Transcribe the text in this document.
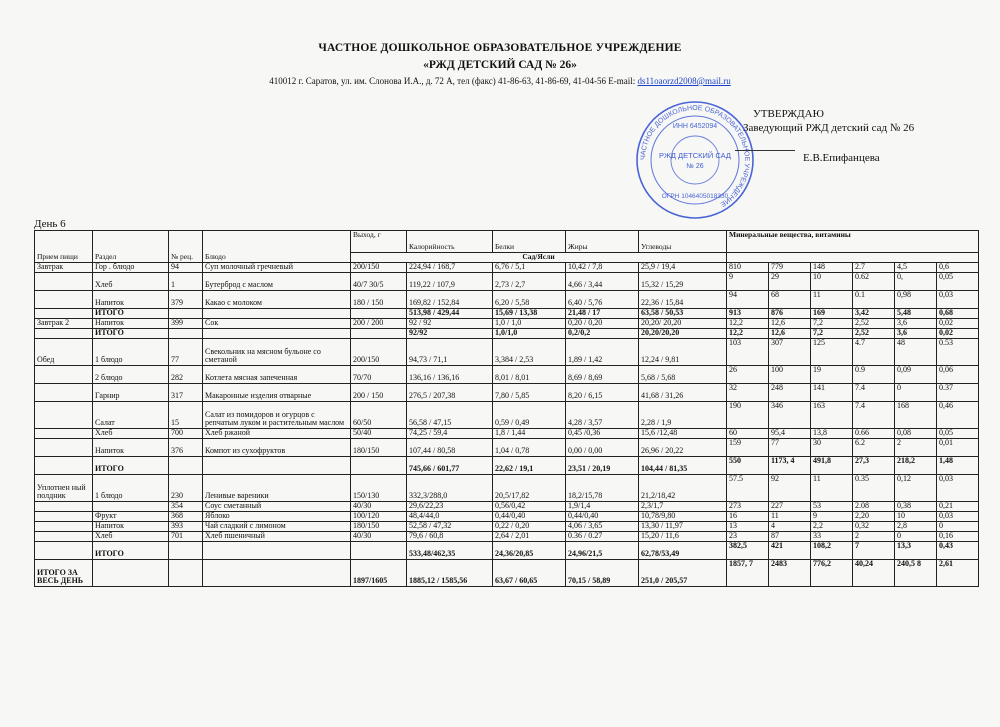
ЧАСТНОЕ ДОШКОЛЬНОЕ ОБРАЗОВАТЕЛЬНОЕ УЧРЕЖДЕНИЕ
«РЖД ДЕТСКИЙ САД № 26»
410012 г. Саратов, ул. им. Слонова И.А., д. 72 А, тел (факс) 41-86-63, 41-86-69, 41-04-56 E-mail: ds11oaorzd2008@mail.ru
ЧАСТНОЕ ДОШКОЛЬНОЕ ОБРАЗОВАТЕЛЬНОЕ УЧРЕЖДЕНИЕ
ИНН 6452094
РЖД ДЕТСКИЙ САД
№ 26
ОГРН 1046405018330
УТВЕРЖДАЮ
Заведующий РЖД детский сад № 26
Е.В.Епифанцева
День 6
Прием пищи	Раздел	№ рец.	Блюдо	Выход, г	Калорийность	Белки	Жиры	Углеводы	Минеральные вещества, витамины					
				Сад/Ясли										
Завтрак	Гор . блюдо	94	Суп молочный гречневый	200/150	224,94 / 168,7	6,76 / 5,1	10,42 / 7,8	25,9 / 19,4	810	779	148	2.7	4,5	0,6
	Хлеб	1	Бутерброд с маслом	40/7 30/5	119,22 / 107,9	2,73 / 2,7	4,66 / 3,44	15,32 / 15,29	9	29	10	0.62	0,	0,05
	Напиток	379	Какао с молоком	180 / 150	169,82 / 152,84	6,20 / 5,58	6,40 / 5,76	22,36 / 15,84	94	68	11	0.1	0,98	0,03
	ИТОГО				513,98 / 429,44	15,69 / 13,38	21,48 / 17	63,58 / 50,53	913	876	169	3,42	5,48	0,68
Завтрак 2	Напиток	399	Сок	200 / 200	92 / 92	1,0 / 1,0	0,20 / 0,20	20,20/ 20,20	12,2	12,6	7,2	2,52	3,6	0,02
	ИТОГО				92/92	1,0/1,0	0,2/0,2	20,20/20,20	12,2	12,6	7,2	2,52	3,6	0,02
Обед	1 блюдо	77	Свекольник на мясном бульоне со сметаной	200/150	94,73 / 71,1	3,384 / 2,53	1,89 / 1,42	12,24 / 9,81	103	307	125	4.7	48	0.53
	2 блюдо	282	Котлета мясная запеченная	70/70	136,16 / 136,16	8,01 / 8,01	8,69 / 8,69	5,68 / 5,68	26	100	19	0.9	0,09	0,06
	Гарнир	317	Макаронные изделия отварные	200 / 150	276,5 / 207,38	7,80 / 5,85	8,20 / 6,15	41,68 / 31,26	32	248	141	7.4	0	0.37
	Салат	15	Салат из помидоров и огурцов с репчатым луком и растительным маслом	60/50	56,58 / 47,15	0,59 / 0,49	4,28 / 3,57	2,28 / 1,9	190	346	163	7.4	168	0,46
	Хлеб	700	Хлеб ржаной	50/40	74,25 / 59,4	1,8 / 1,44	0,45 /0,36	15,6 /12,48	60	95,4	13,8	0.66	0,08	0,05
	Напиток	376	Компот из сухофруктов	180/150	107,44 / 80,58	1,04 / 0,78	0,00 / 0,00	26,96 / 20,22	159	77	30	6.2	2	0,01
	ИТОГО				745,66 / 601,77	22,62 / 19,1	23,51 / 20,19	104,44 / 81,35	550	1173, 4	491,8	27,3	218,2	1,48
Уплотнен ный полдник	1 блюдо	230	Ленивые вареники	150/130	332,3/288,0	20,5/17,82	18,2/15,78	21,2/18,42	57.5	92	11	0.35	0,12	0,03
		354	Соус сметанный	40/30	29,6/22,23	0,56/0,42	1,9/1,4	2,3/1,7	273	227	53	2.08	0,38	0,21
	Фрукт	368	Яблоко	100/120	48,4/44,0	0,44/0,40	0,44/0,40	10,78/9,80	16	11	9	2,20	10	0,03
	Напиток	393	Чай сладкий с лимоном	180/150	52,58 / 47,32	0,22 / 0,20	4,06 / 3,65	13,30 / 11,97	13	4	2,2	0,32	2,8	0
	Хлеб	701	Хлеб пшеничный	40/30	79,6 / 60,8	2,64 / 2,01	0.36 / 0.27	15,20 / 11,6	23	87	33	2	0	0,16
	ИТОГО				533,48/462,35	24,36/20,85	24,96/21,5	62,78/53,49	382,5	421	108,2	7	13,3	0,43
ИТОГО ЗА ВЕСЬ ДЕНЬ				1897/1605	1885,12 / 1585,56	63,67 / 60,65	70,15 / 58,89	251,0 / 205,57	1857, 7	2483	776,2	40,24	240,5 8	2,61
